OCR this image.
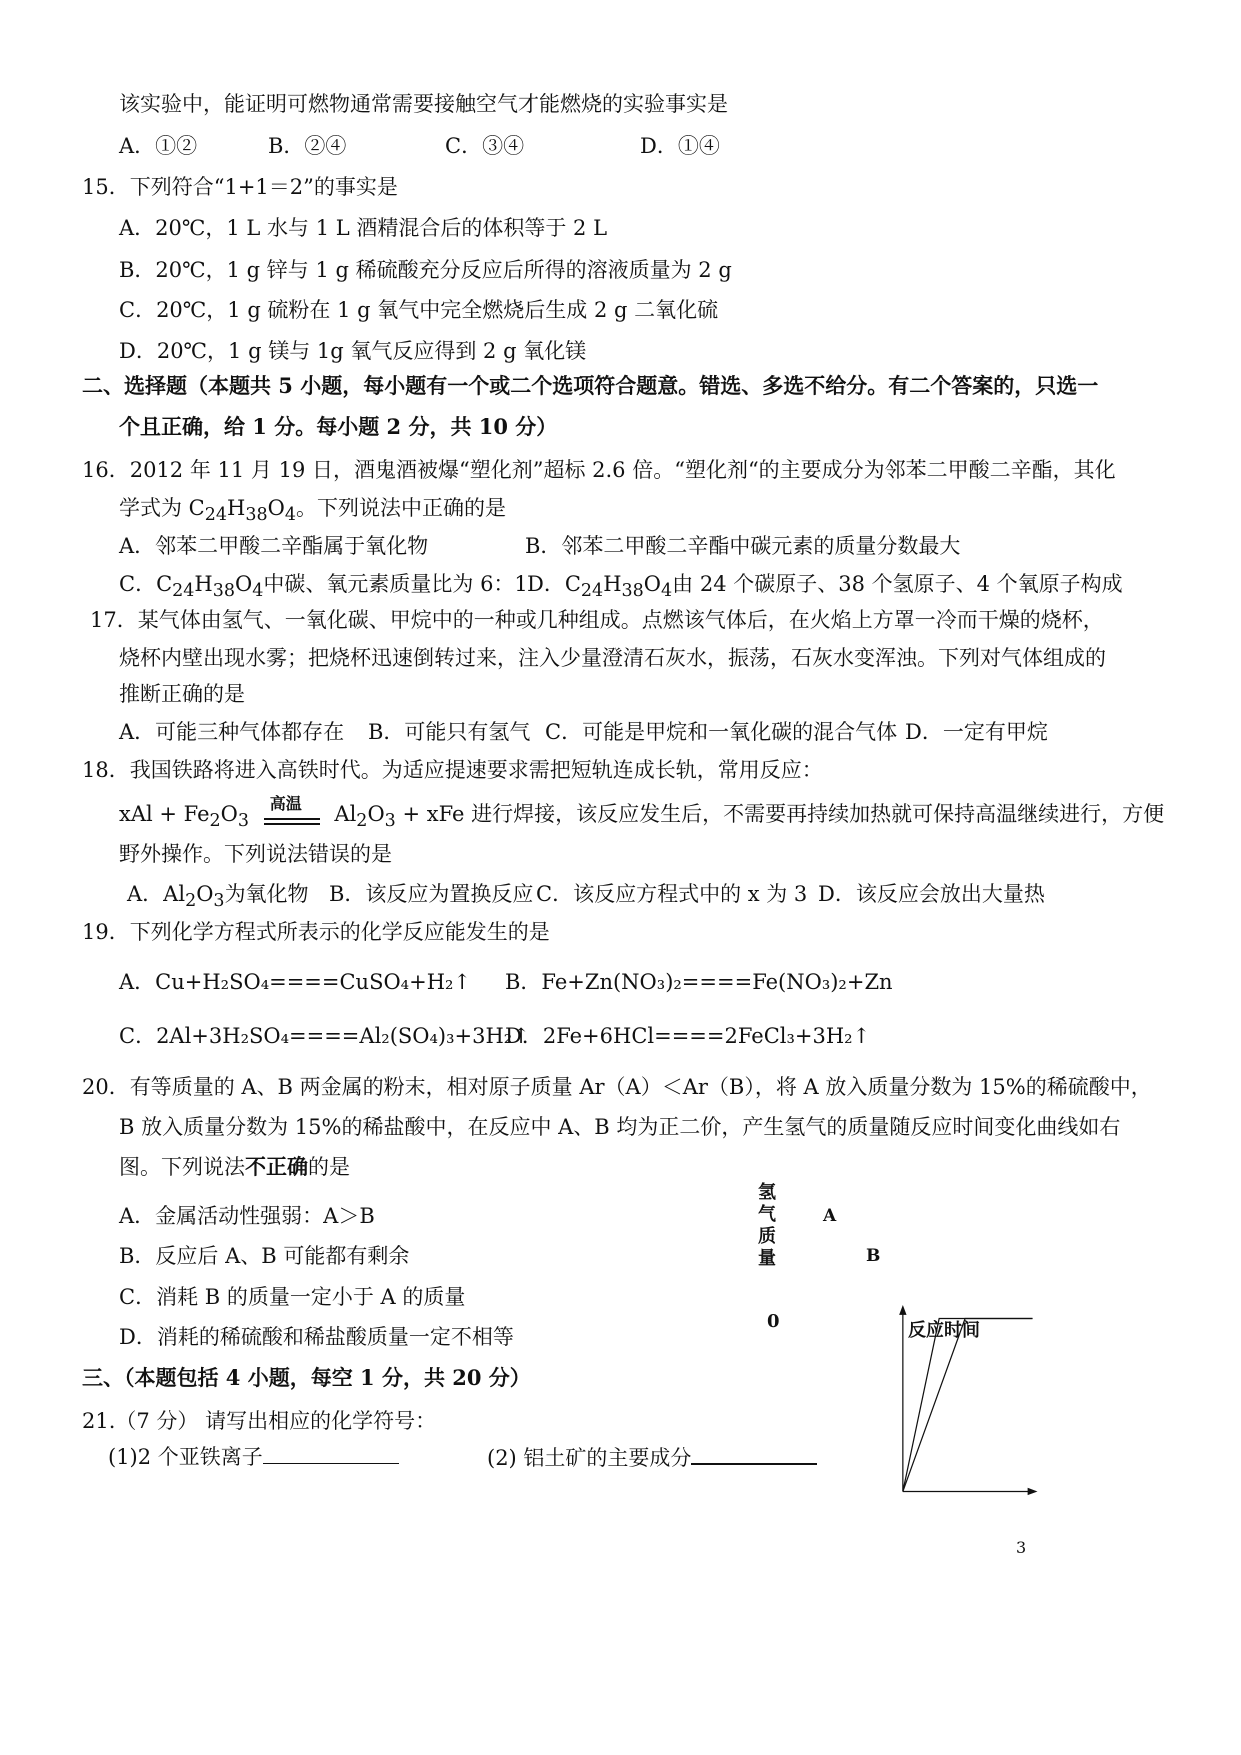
该实验中，能证明可燃物通常需要接触空气才能燃烧的实验事实是
A．①②	B．②④	C．③④	D．①④
15．下列符合“1+1＝2”的事实是
A．20℃，1 L 水与 1 L 酒精混合后的体积等于 2 L
B．20℃，1 g 锌与 1 g 稀硫酸充分反应后所得的溶液质量为 2 g
C．20℃，1 g 硫粉在 1 g 氧气中完全燃烧后生成 2 g 二氧化硫
D．20℃，1 g 镁与 1g 氧气反应得到 2 g 氧化镁
二、选择题（本题共 5 小题，每小题有一个或二个选项符合题意。错选、多选不给分。有二个答案的，只选一
个且正确，给 1 分。每小题 2 分，共 10 分）
16．2012 年 11 月 19 日，酒鬼酒被爆“塑化剂”超标 2.6 倍。“塑化剂“的主要成分为邻苯二甲酸二辛酯，其化
学式为 $C_{24}H_{38}O_4$。下列说法中正确的是
A．邻苯二甲酸二辛酯属于氧化物	B．邻苯二甲酸二辛酯中碳元素的质量分数最大
C．$C_{24}H_{38}O_4$中碳、氧元素质量比为 6：1 D．$C_{24}H_{38}O_4$由 24 个碳原子、38 个氢原子、4 个氧原子构成
17．某气体由氢气、一氧化碳、甲烷中的一种或几种组成。点燃该气体后，在火焰上方罩一冷而干燥的烧杯，
烧杯内壁出现水雾；把烧杯迅速倒转过来，注入少量澄清石灰水，振荡，石灰水变浑浊。下列对气体组成的
推断正确的是
A．可能三种气体都存在 B．可能只有氢气 C．可能是甲烷和一氧化碳的混合气体 D．一定有甲烷
18．我国铁路将进入高铁时代。为适应提速要求需把短轨连成长轨，常用反应：
xAl + $Fe_2O_3$
高温 $Al_2O_3$ + xFe 进行焊接，该反应发生后，不需要再持续加热就可保持高温继续进行，方便
野外操作。下列说法错误的是
A．$Al_2O_3$为氧化物 B．该反应为置换反应 C．该反应方程式中的 x 为 3 D．该反应会放出大量热
19．下列化学方程式所表示的化学反应能发生的是
A．Cu+H₂SO₄====CuSO₄+H₂↑ B．Fe+Zn(NO₃)₂====Fe(NO₃)₂+Zn
C．2Al+3H₂SO₄====Al₂(SO₄)₃+3H₂↑
D．2Fe+6HCl====2FeCl₃+3H₂↑
20．有等质量的 A、B 两金属的粉末，相对原子质量 Ar（A）＜Ar（B），将 A 放入质量分数为 15%的稀硫酸中，
B 放入质量分数为 15%的稀盐酸中，在反应中 A、B 均为正二价，产生氢气的质量随反应时间变化曲线如右
图。下列说法不正确的是
A．金属活动性强弱：A＞B
B．反应后 A、B 可能都有剩余
C．消耗 B 的质量一定小于 A 的质量
D．消耗的稀硫酸和稀盐酸质量一定不相等
氢
气
质
量
0	反应时间
A
B
三、（本题包括 4 小题，每空 1 分，共 20 分）
21.（7 分） 请写出相应的化学符号：
(1)2 个亚铁离子	(2) 铝土矿的主要成分
3
